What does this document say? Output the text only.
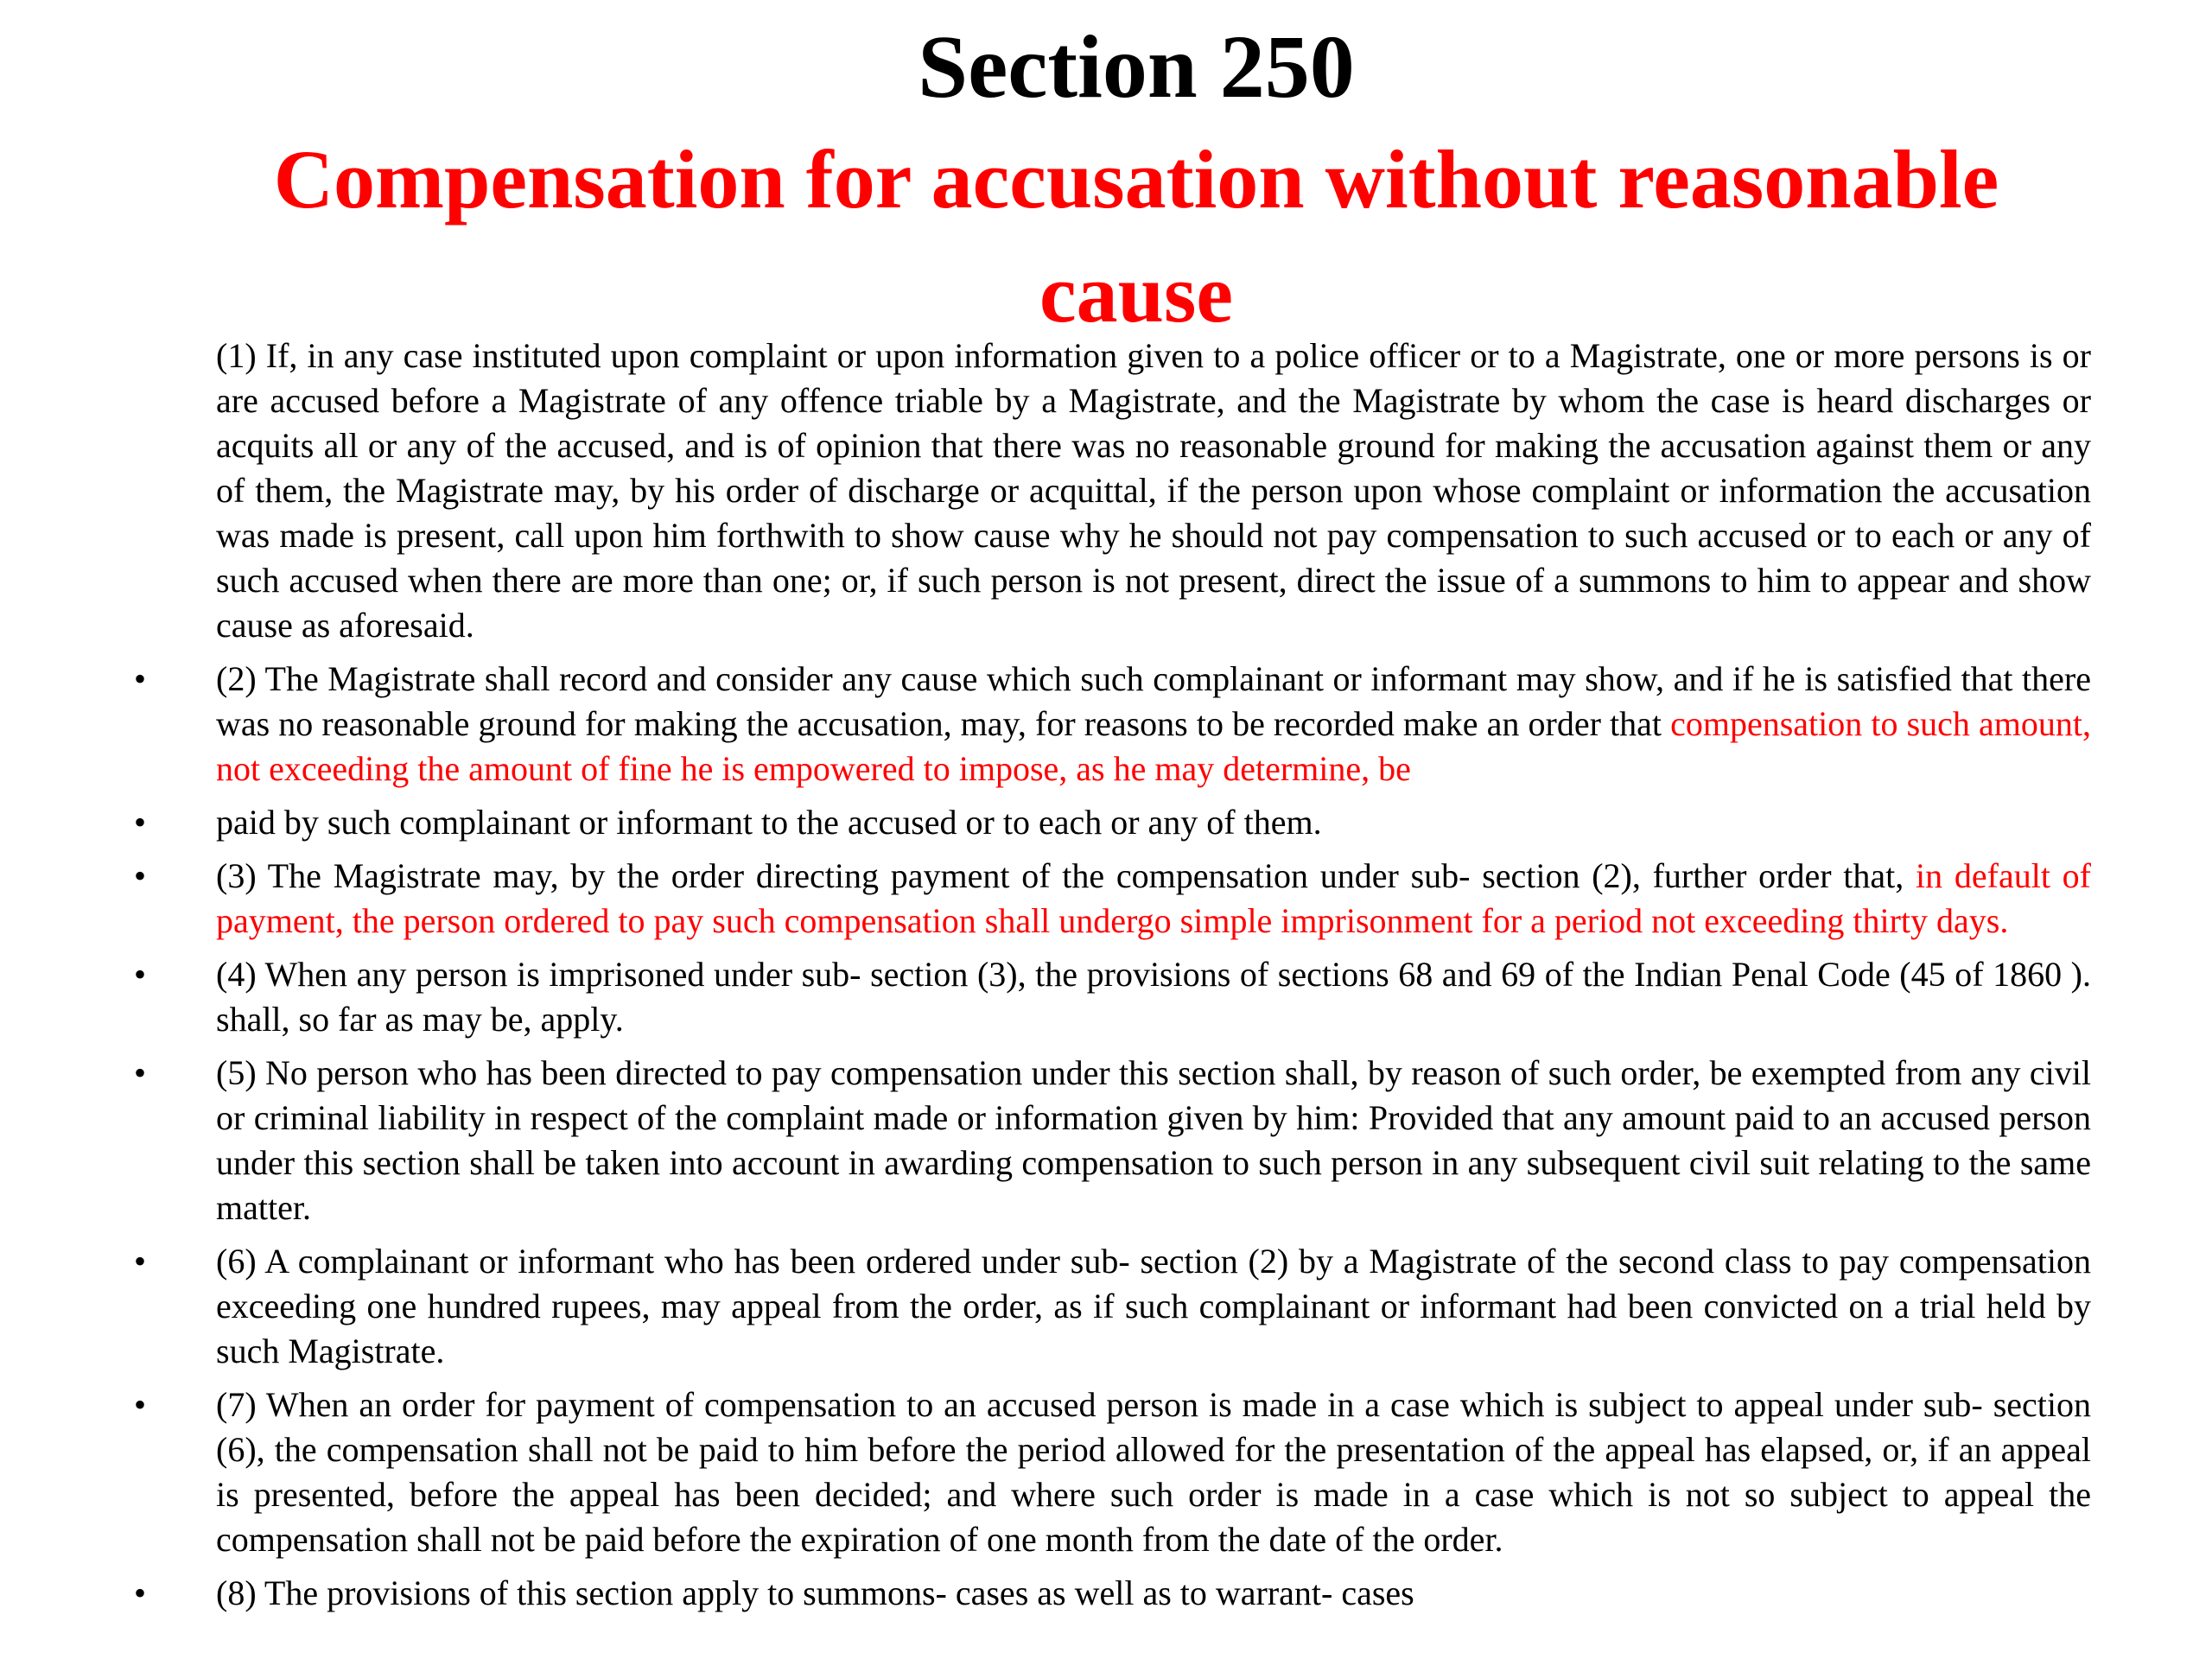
Section 250
Compensation for accusation without reasonable cause
(1) If, in any case instituted upon complaint or upon information given to a police officer or to a Magistrate, one or more persons is or are accused before a Magistrate of any offence triable by a Magistrate, and the Magistrate by whom the case is heard discharges or acquits all or any of the accused, and is of opinion that there was no reasonable ground for making the accusation against them or any of them, the Magistrate may, by his order of discharge or acquittal, if the person upon whose complaint or information the accusation was made is present, call upon him forthwith to show cause why he should not pay compensation to such accused or to each or any of such accused when there are more than one; or, if such person is not present, direct the issue of a summons to him to appear and show cause as aforesaid.
• (2) The Magistrate shall record and consider any cause which such complainant or informant may show, and if he is satisfied that there was no reasonable ground for making the accusation, may, for reasons to be recorded make an order that compensation to such amount, not exceeding the amount of fine he is empowered to impose, as he may determine, be
• paid by such complainant or informant to the accused or to each or any of them.
• (3) The Magistrate may, by the order directing payment of the compensation under sub- section (2), further order that, in default of payment, the person ordered to pay such compensation shall undergo simple imprisonment for a period not exceeding thirty days.
• (4) When any person is imprisoned under sub- section (3), the provisions of sections 68 and 69 of the Indian Penal Code (45 of 1860 ). shall, so far as may be, apply.
• (5) No person who has been directed to pay compensation under this section shall, by reason of such order, be exempted from any civil or criminal liability in respect of the complaint made or information given by him: Provided that any amount paid to an accused person under this section shall be taken into account in awarding compensation to such person in any subsequent civil suit relating to the same matter.
• (6) A complainant or informant who has been ordered under sub- section (2) by a Magistrate of the second class to pay compensation exceeding one hundred rupees, may appeal from the order, as if such complainant or informant had been convicted on a trial held by such Magistrate.
• (7) When an order for payment of compensation to an accused person is made in a case which is subject to appeal under sub- section (6), the compensation shall not be paid to him before the period allowed for the presentation of the appeal has elapsed, or, if an appeal is presented, before the appeal has been decided; and where such order is made in a case which is not so subject to appeal the compensation shall not be paid before the expiration of one month from the date of the order.
• (8) The provisions of this section apply to summons- cases as well as to warrant- cases
